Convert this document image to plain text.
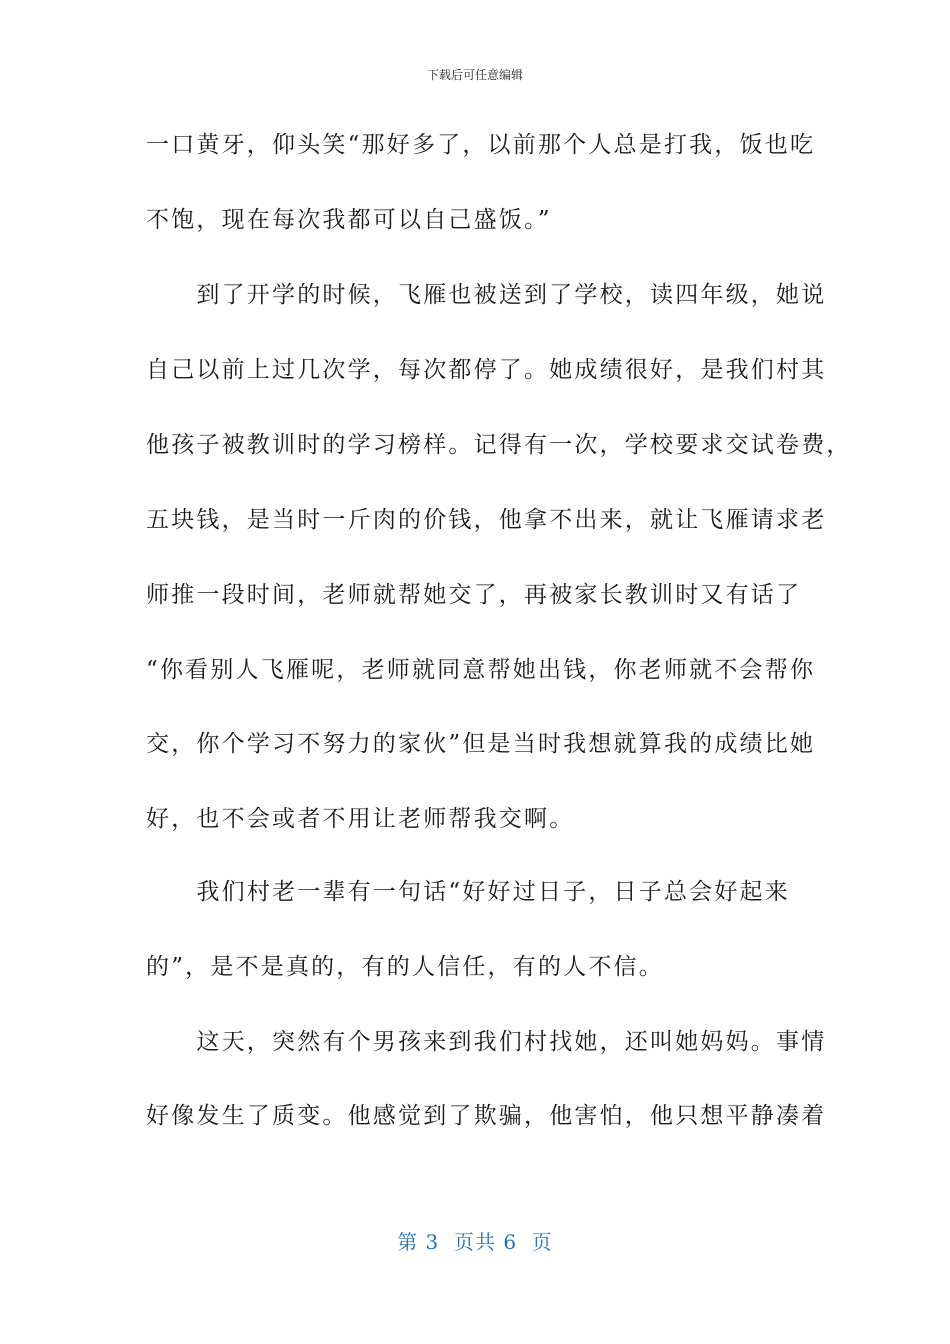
下载后可任意编辑
一口黄牙，仰头笑“那好多了，以前那个人总是打我，饭也吃
不饱，现在每次我都可以自己盛饭。”
　　到了开学的时候，飞雁也被送到了学校，读四年级，她说
自己以前上过几次学，每次都停了。她成绩很好，是我们村其
他孩子被教训时的学习榜样。记得有一次，学校要求交试卷费，
五块钱，是当时一斤肉的价钱，他拿不出来，就让飞雁请求老
师推一段时间，老师就帮她交了，再被家长教训时又有话了
“你看别人飞雁呢，老师就同意帮她出钱，你老师就不会帮你
交，你个学习不努力的家伙”但是当时我想就算我的成绩比她
好，也不会或者不用让老师帮我交啊。
　　我们村老一辈有一句话“好好过日子，日子总会好起来
的”，是不是真的，有的人信任，有的人不信。
　　这天，突然有个男孩来到我们村找她，还叫她妈妈。事情
好像发生了质变。他感觉到了欺骗，他害怕，他只想平静凑着
第 3  页共 6  页
